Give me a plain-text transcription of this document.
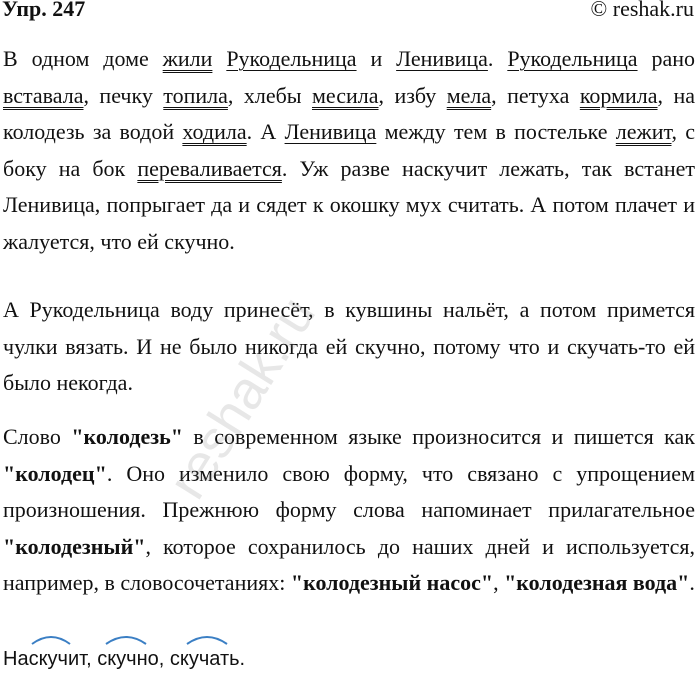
Упр. 247	© reshak.ru

В одном доме жили Рукодельница и Ленивица. Рукодельница рано вставала, печку топила, хлебы месила, избу мела, петуха кормила, на колодезь за водой ходила. А Ленивица между тем в постельке лежит, с боку на бок переваливается. Уж разве наскучит лежать, так встанет Ленивица, попрыгает да и сядет к окошку мух считать. А потом плачет и жалуется, что ей скучно.

А Рукодельница воду принесёт, в кувшины нальёт, а потом примется чулки вязать. И не было никогда ей скучно, потому что и скучать-то ей было некогда.

Слово "колодезь" в современном языке произносится и пишется как "колодец". Оно изменило свою форму, что связано с упрощением произношения. Прежнюю форму слова напоминает прилагательное "колодезный", которое сохранилось до наших дней и используется, например, в словосочетаниях: "колодезный насос", "колодезная вода".

Наскучит, скучно, скучать.
reshak.ru
